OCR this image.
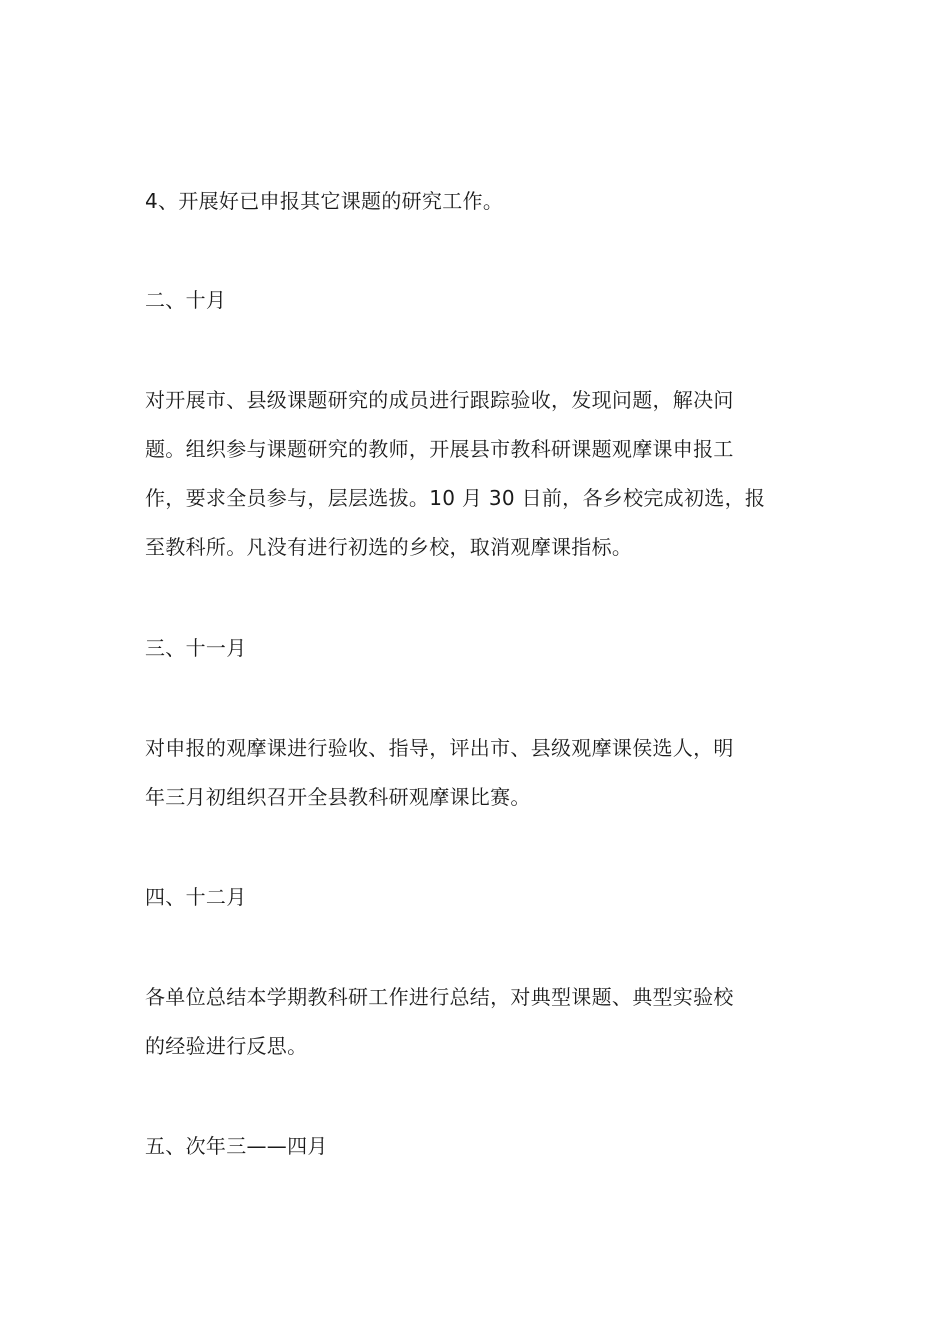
4、开展好已申报其它课题的研究工作。

二、十月

对开展市、县级课题研究的成员进行跟踪验收，发现问题，解决问
题。组织参与课题研究的教师，开展县市教科研课题观摩课申报工
作，要求全员参与，层层选拔。10 月 30 日前，各乡校完成初选，报
至教科所。凡没有进行初选的乡校，取消观摩课指标。

三、十一月

对申报的观摩课进行验收、指导，评出市、县级观摩课侯选人，明
年三月初组织召开全县教科研观摩课比赛。

四、十二月

各单位总结本学期教科研工作进行总结，对典型课题、典型实验校
的经验进行反思。

五、次年三——四月
